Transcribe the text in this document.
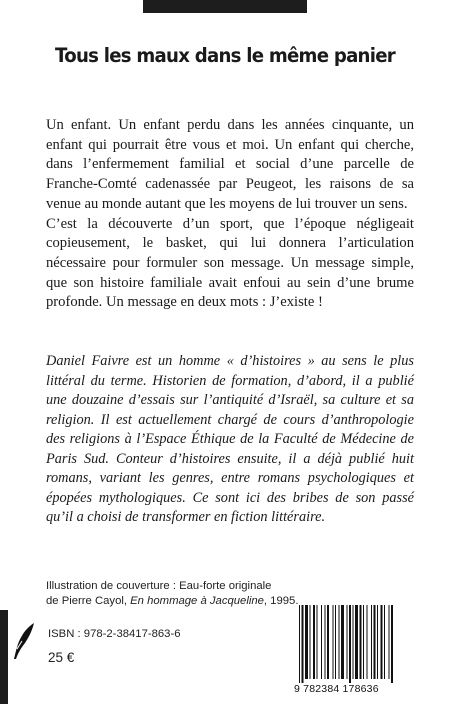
Tous les maux dans le même panier

Un enfant. Un enfant perdu dans les années cinquante, un enfant qui pourrait être vous et moi. Un enfant qui cherche, dans l’enfermement familial et social d’une parcelle de Franche-Comté cadenassée par Peugeot, les raisons de sa venue au monde autant que les moyens de lui trouver un sens.

C’est la découverte d’un sport, que l’époque négligeait copieusement, le basket, qui lui donnera l’articulation nécessaire pour formuler son message. Un message simple, que son histoire familiale avait enfoui au sein d’une brume profonde. Un message en deux mots : J’existe !

Daniel Faivre est un homme « d’histoires » au sens le plus littéral du terme. Historien de formation, d’abord, il a publié une douzaine d’essais sur l’antiquité d’Israël, sa culture et sa religion. Il est actuellement chargé de cours d’anthropologie des religions à l’Espace Éthique de la Faculté de Médecine de Paris Sud. Conteur d’histoires ensuite, il a déjà publié huit romans, variant les genres, entre romans psychologiques et épopées mythologiques. Ce sont ici des bribes de son passé qu’il a choisi de transformer en fiction littéraire.

Illustration de couverture : Eau-forte originale
de Pierre Cayol, En hommage à Jacqueline, 1995.
ISBN : 978-2-38417-863-6
25 €
9 782384 178636
